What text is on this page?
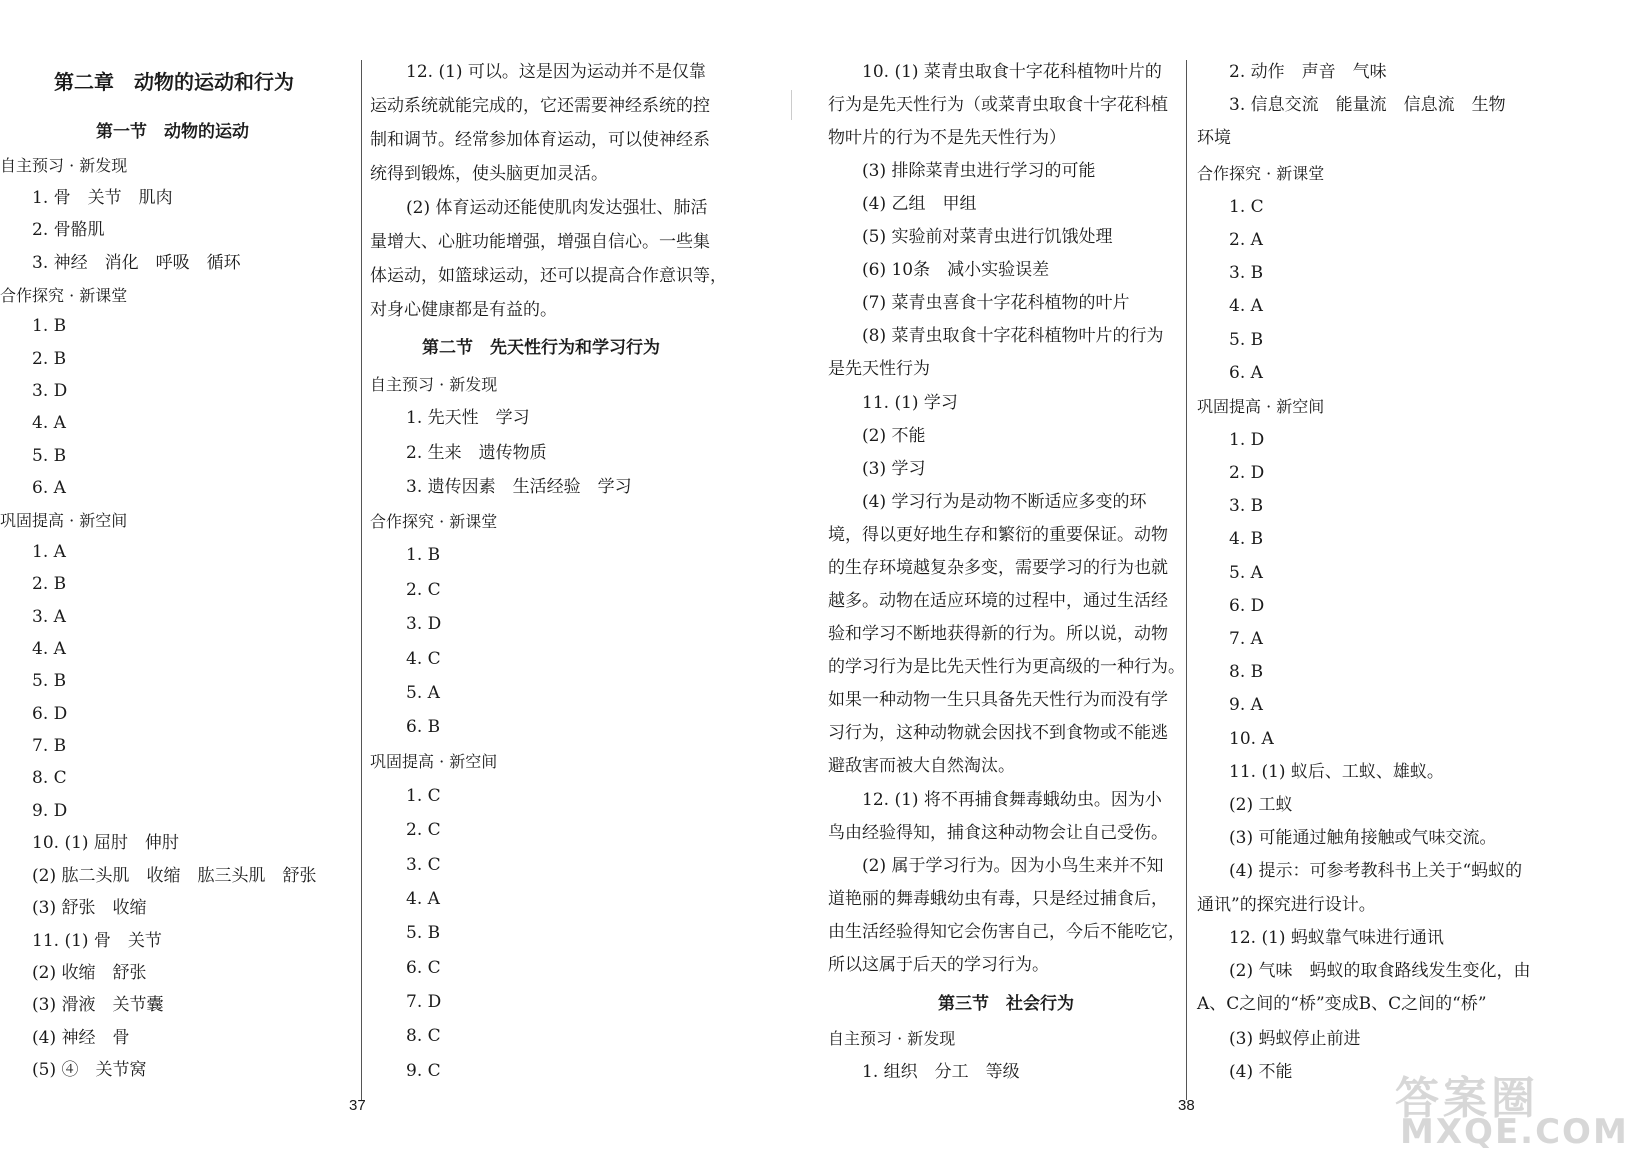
第二章　动物的运动和行为
第一节　动物的运动
自主预习 · 新发现
1. 骨　关节　肌肉
2. 骨骼肌
3. 神经　消化　呼吸　循环
合作探究 · 新课堂
1. B
2. B
3. D
4. A
5. B
6. A
巩固提高 · 新空间
1. A
2. B
3. A
4. A
5. B
6. D
7. B
8. C
9. D
10. (1) 屈肘　伸肘
(2) 肱二头肌　收缩　肱三头肌　舒张
(3) 舒张　收缩
11. (1) 骨　关节
(2) 收缩　舒张
(3) 滑液　关节囊
(4) 神经　骨
(5) ④　关节窝
12. (1) 可以。这是因为运动并不是仅靠
运动系统就能完成的，它还需要神经系统的控
制和调节。经常参加体育运动，可以使神经系
统得到锻炼，使头脑更加灵活。
(2) 体育运动还能使肌肉发达强壮、肺活
量增大、心脏功能增强，增强自信心。一些集
体运动，如篮球运动，还可以提高合作意识等，
对身心健康都是有益的。
第二节　先天性行为和学习行为
自主预习 · 新发现
1. 先天性　学习
2. 生来　遗传物质
3. 遗传因素　生活经验　学习
合作探究 · 新课堂
1. B
2. C
3. D
4. C
5. A
6. B
巩固提高 · 新空间
1. C
2. C
3. C
4. A
5. B
6. C
7. D
8. C
9. C
10. (1) 菜青虫取食十字花科植物叶片的
行为是先天性行为（或菜青虫取食十字花科植
物叶片的行为不是先天性行为）
(3) 排除菜青虫进行学习的可能
(4) 乙组　甲组
(5) 实验前对菜青虫进行饥饿处理
(6) 10条　减小实验误差
(7) 菜青虫喜食十字花科植物的叶片
(8) 菜青虫取食十字花科植物叶片的行为
是先天性行为
11. (1) 学习
(2) 不能
(3) 学习
(4) 学习行为是动物不断适应多变的环
境，得以更好地生存和繁衍的重要保证。动物
的生存环境越复杂多变，需要学习的行为也就
越多。动物在适应环境的过程中，通过生活经
验和学习不断地获得新的行为。所以说，动物
的学习行为是比先天性行为更高级的一种行为。
如果一种动物一生只具备先天性行为而没有学
习行为，这种动物就会因找不到食物或不能逃
避敌害而被大自然淘汰。
12. (1) 将不再捕食舞毒蛾幼虫。因为小
鸟由经验得知，捕食这种动物会让自己受伤。
(2) 属于学习行为。因为小鸟生来并不知
道艳丽的舞毒蛾幼虫有毒，只是经过捕食后，
由生活经验得知它会伤害自己，今后不能吃它，
所以这属于后天的学习行为。
第三节　社会行为
自主预习 · 新发现
1. 组织　分工　等级
2. 动作　声音　气味
3. 信息交流　能量流　信息流　生物
环境
合作探究 · 新课堂
1. C
2. A
3. B
4. A
5. B
6. A
巩固提高 · 新空间
1. D
2. D
3. B
4. B
5. A
6. D
7. A
8. B
9. A
10. A
11. (1) 蚁后、工蚁、雄蚁。
(2) 工蚁
(3) 可能通过触角接触或气味交流。
(4) 提示：可参考教科书上关于“蚂蚁的
通讯”的探究进行设计。
12. (1) 蚂蚁靠气味进行通讯
(2) 气味　蚂蚁的取食路线发生变化，由
A、C之间的“桥”变成B、C之间的“桥”
(3) 蚂蚁停止前进
(4) 不能
37	38	答案圈
MXQE.COM
